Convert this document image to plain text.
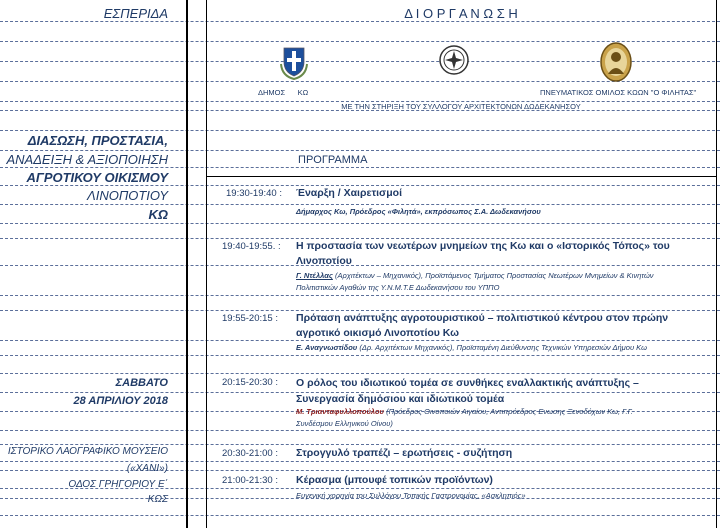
ΕΣΠΕΡΙΔΑ
ΔΙΑΣΩΣΗ, ΠΡΟΣΤΑΣΙΑ,
ΑΝΑΔΕΙΞΗ & ΑΞΙΟΠΟΙΗΣΗ
ΑΓΡΟΤΙΚΟΥ ΟΙΚΙΣΜΟΥ
ΛΙΝΟΠΟΤΙΟΥ
ΚΩ
ΣΑΒΒΑΤΟ
28 ΑΠΡΙΛΙΟΥ 2018
ΙΣΤΟΡΙΚΟ ΛΑΟΓΡΑΦΙΚΟ ΜΟΥΣΕΙΟ
(«ΧΑΝΙ»)
ΟΔΟΣ ΓΡΗΓΟΡΙΟΥ Ε΄
ΚΩΣ
Δ Ι Ο Ρ Γ Α Ν Ω Σ Η
ΔΗΜΟΣ      ΚΩ	ΠΝΕΥΜΑΤΙΚΟΣ ΟΜΙΛΟΣ ΚΩΩΝ "Ο ΦΙΛΗΤΑΣ"
ΜΕ ΤΗΝ ΣΤΗΡΙΞΗ ΤΟΥ ΣΥΛΛΟΓΟΥ ΑΡΧΙΤΕΚΤΟΝΩΝ ΔΩΔΕΚΑΝΗΣΟΥ
ΠΡΟΓΡΑΜΜΑ
19:30-19:40 : Έναρξη / Χαιρετισμοί
Δήμαρχος Κω, Πρόεδρος «Φιλητά», εκπρόσωπος Σ.Α. Δωδεκανήσου
19:40-19:55. : Η προστασία των νεωτέρων μνημείων της Κω και ο «Ιστορικός Τόπος» του
Λινοποτίου
Γ. Ντέλλας (Αρχιτέκτων – Μηχανικός), Προϊστάμενος Τμήματος Προστασίας Νεωτέρων Μνημείων & Κινητών
Πολιτιστικών Αγαθών της Υ.Ν.Μ.Τ.Ε Δωδεκανήσου του ΥΠΠΟ
19:55-20:15 : Πρόταση ανάπτυξης αγροτουριστικού – πολιτιστικού κέντρου στον πρώην
αγροτικό οικισμό Λινοποτίου Κω
Ε. Αναγνωστίδου (Δρ. Αρχιτέκτων Μηχανικός), Προϊσταμένη Διεύθυνσης Τεχνικών Υπηρεσιών Δήμου Κω
20:15-20:30 : Ο ρόλος του ιδιωτικού τομέα σε συνθήκες εναλλακτικής ανάπτυξης –
Συνεργασία δημόσιου και ιδιωτικού τομέα
Μ. Τριανταφυλλοπούλου (Πρόεδρος Οινοποιών Αιγαίου, Αντιπρόεδρος Ενωσης Ξενοδόχων Κω, Γ.Γ.
Συνδέσμου Ελληνικού Οίνου)
20:30-21:00 : Στρογγυλό τραπέζι – ερωτήσεις - συζήτηση
21:00-21:30 : Κέρασμα (μπουφέ τοπικών προϊόντων)
Ευγενική χορηγία του Συλλόγου Τοπικής Γαστρονομίας, «Ασκληπιός»
